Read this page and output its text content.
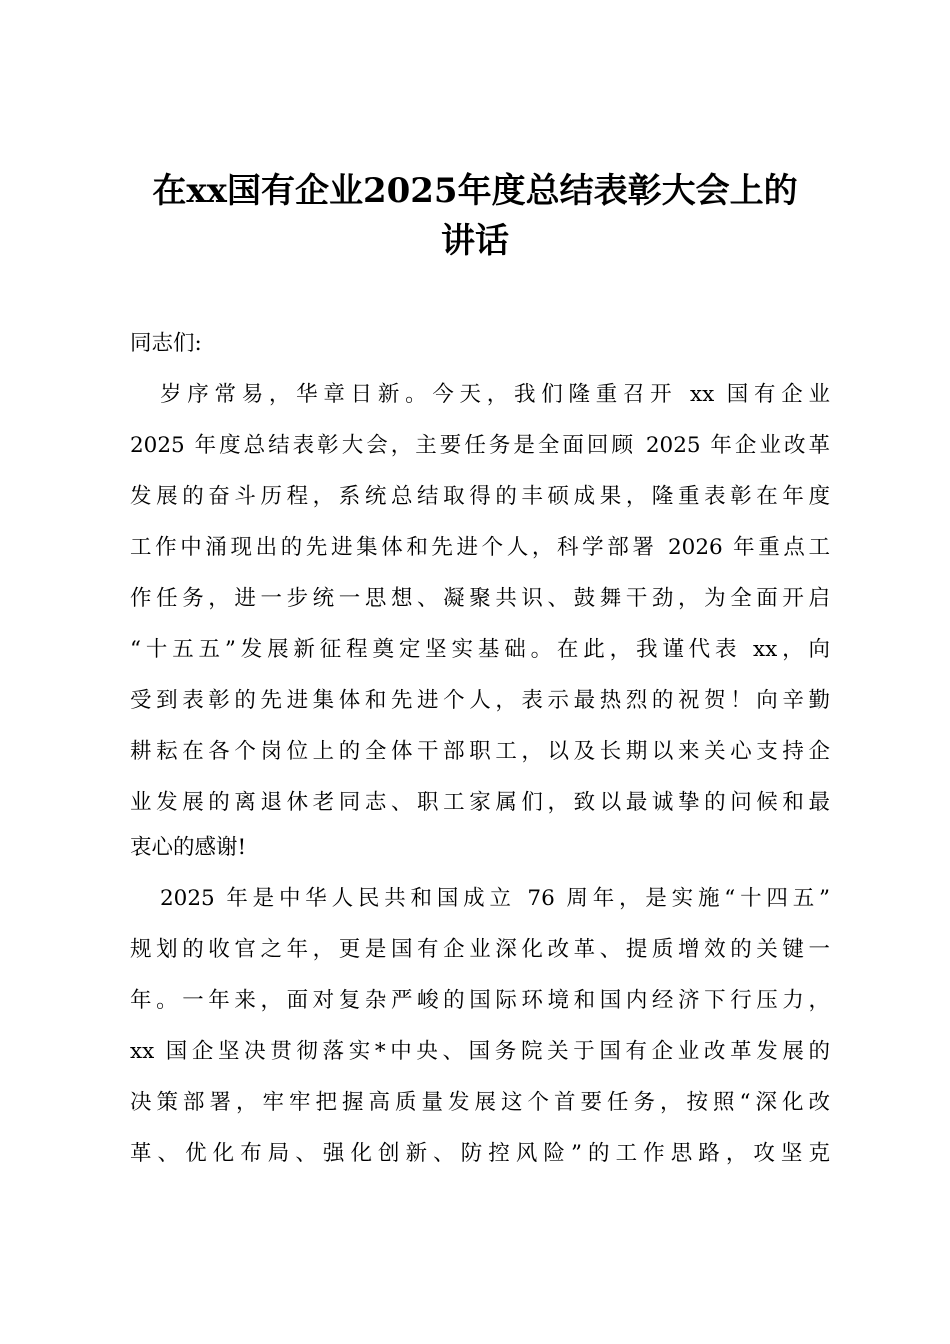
在xx国有企业2025年度总结表彰大会上的
讲话

同志们:

岁序常易，华章日新。今天，我们隆重召开 xx 国有企业

2025 年度总结表彰大会，主要任务是全面回顾 2025 年企业改革

发展的奋斗历程，系统总结取得的丰硕成果，隆重表彰在年度

工作中涌现出的先进集体和先进个人，科学部署 2026 年重点工

作任务，进一步统一思想、凝聚共识、鼓舞干劲，为全面开启

“十五五”发展新征程奠定坚实基础。在此，我谨代表 xx，向

受到表彰的先进集体和先进个人，表示最热烈的祝贺！向辛勤

耕耘在各个岗位上的全体干部职工，以及长期以来关心支持企

业发展的离退休老同志、职工家属们，致以最诚挚的问候和最

衷心的感谢!

2025 年是中华人民共和国成立 76 周年，是实施“十四五”

规划的收官之年，更是国有企业深化改革、提质增效的关键一

年。一年来，面对复杂严峻的国际环境和国内经济下行压力，

xx 国企坚决贯彻落实*中央、国务院关于国有企业改革发展的

决策部署，牢牢把握高质量发展这个首要任务，按照“深化改

革、优化布局、强化创新、防控风险”的工作思路，攻坚克
